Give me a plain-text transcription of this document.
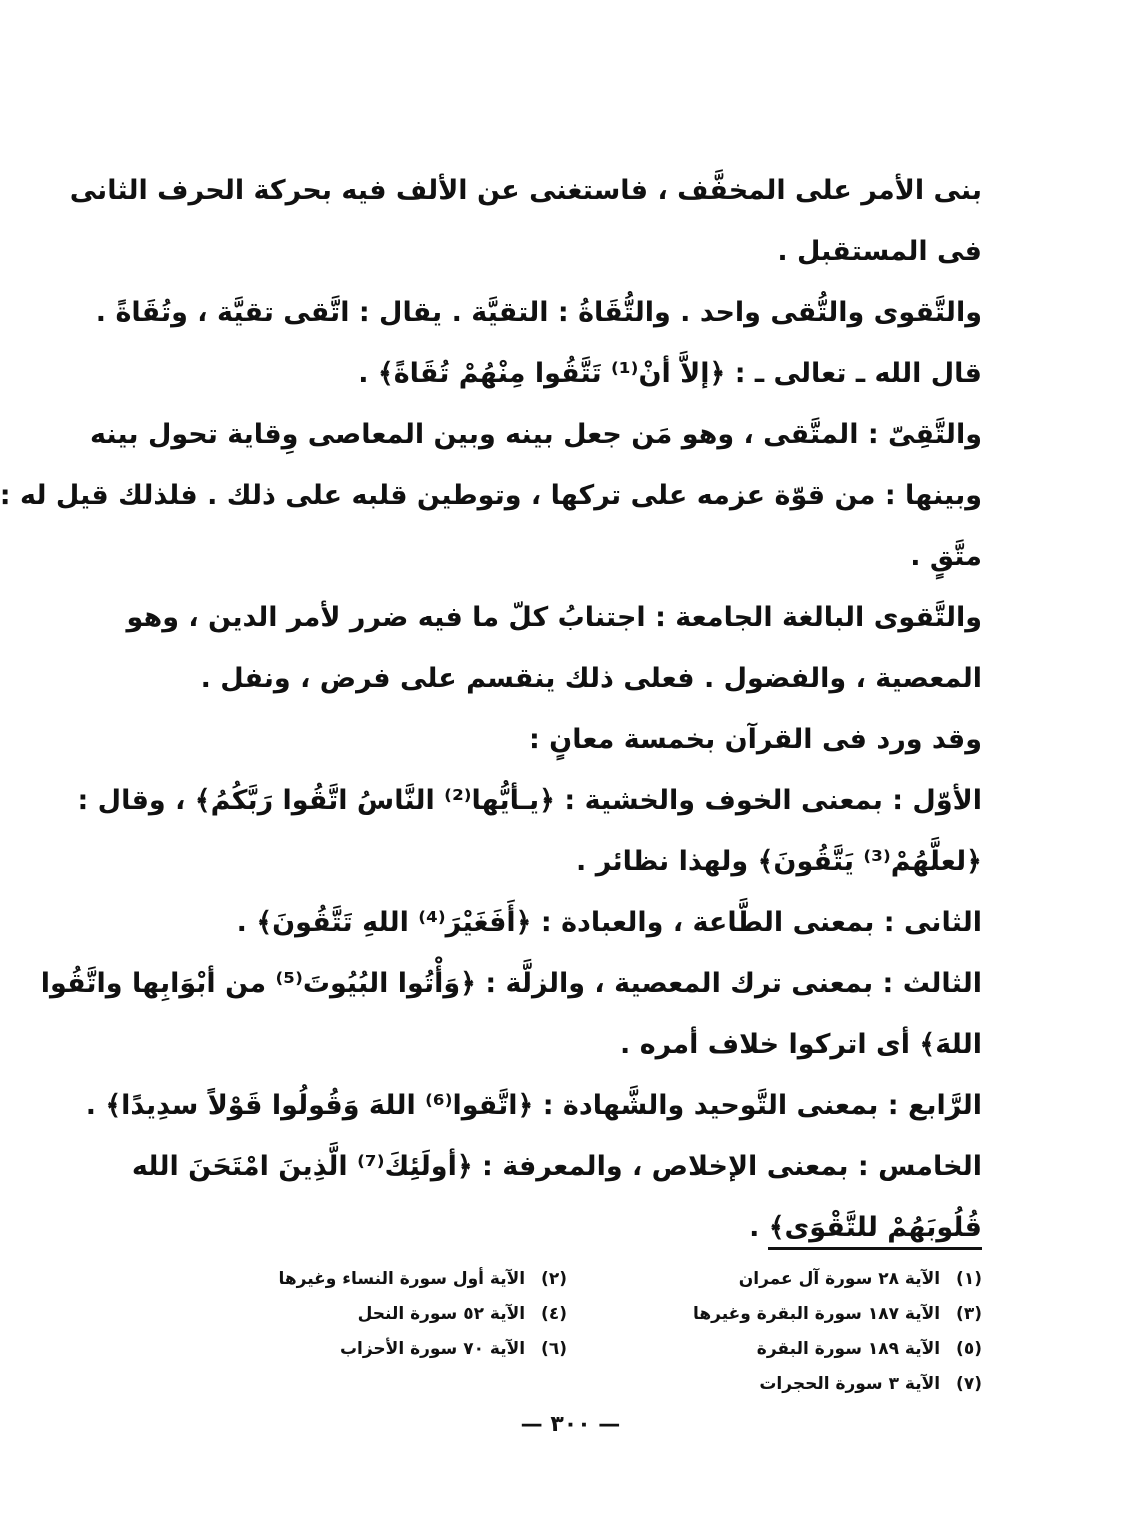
بنى الأمر على المخفَّف ، فاستغنى عن الألف فيه بحركة الحرف الثانى
فى المستقبل .
والتَّقوى والتُّقى واحد . والتُّقَاةُ : التقيَّة . يقال : اتَّقى تقيَّة ، وتُقَاةً .
قال الله ـ تعالى ـ : ﴿إلاَّ أنْ⁽¹⁾ تَتَّقُوا مِنْهُمْ تُقَاةً﴾ .
والتَّقِىّ : المتَّقى ، وهو مَن جعل بينه وبين المعاصى وِقاية تحول بينه
وبينها : من قوّة عزمه على تركها ، وتوطين قلبه على ذلك . فلذلك قيل له :
متَّقٍ .
والتَّقوى البالغة الجامعة : اجتنابُ كلّ ما فيه ضرر لأمر الدين ، وهو
المعصية ، والفضول . فعلى ذلك ينقسم على فرض ، ونفل .
وقد ورد فى القرآن بخمسة معانٍ :
الأوّل : بمعنى الخوف والخشية : ﴿يـأيُّها⁽²⁾ النَّاسُ اتَّقُوا رَبَّكُمُ﴾ ، وقال :
﴿لعلَّهُمْ⁽³⁾ يَتَّقُونَ﴾ ولهذا نظائر .
الثانى : بمعنى الطَّاعة ، والعبادة : ﴿أَفَغَيْرَ⁽⁴⁾ اللهِ تَتَّقُونَ﴾ .
الثالث : بمعنى ترك المعصية ، والزلَّة : ﴿وَأْتُوا البُيُوتَ⁽⁵⁾ من أبْوَابِها واتَّقُوا
اللهَ﴾ أى اتركوا خلاف أمره .
الرَّابع : بمعنى التَّوحيد والشَّهادة : ﴿اتَّقوا⁽⁶⁾ اللهَ وَقُولُوا قَوْلاً سدِيدًا﴾ .
الخامس : بمعنى الإخلاص ، والمعرفة : ﴿أولَئِكَ⁽⁷⁾ الَّذِينَ امْتَحَنَ الله
قُلُوبَهُمْ للتَّقْوَى﴾ .
(١) الآية ٢٨ سورة آل عمران
(٢) الآية أول سورة النساء وغيرها
(٣) الآية ١٨٧ سورة البقرة وغيرها
(٤) الآية ٥٢ سورة النحل
(٥) الآية ١٨٩ سورة البقرة
(٦) الآية ٧٠ سورة الأحزاب
(٧) الآية ٣ سورة الحجرات
— ٣٠٠ —
